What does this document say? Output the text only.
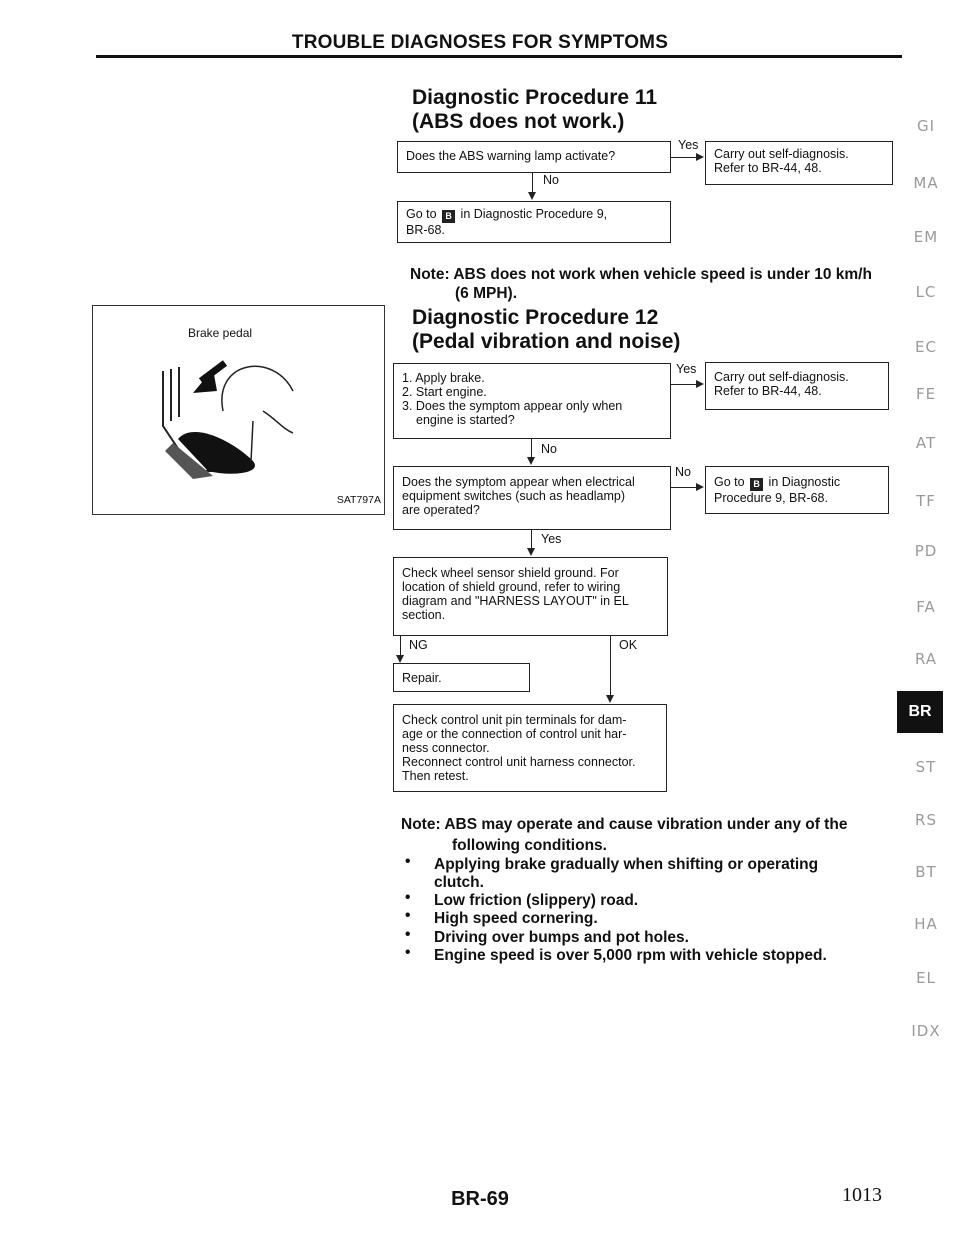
TROUBLE DIAGNOSES FOR SYMPTOMS
Brake pedal
SAT797A
Diagnostic Procedure 11
(ABS does not work.)
Does the ABS warning lamp activate?
Yes
Carry out self-diagnosis.
Refer to BR-44, 48.
No
Go to B in Diagnostic Procedure 9,
BR-68.
Note: ABS does not work when vehicle speed is under 10 km/h
(6 MPH).
Diagnostic Procedure 12
(Pedal vibration and noise)
1. Apply brake.
2. Start engine.
3. Does the symptom appear only when
engine is started?
Yes
Carry out self-diagnosis.
Refer to BR-44, 48.
No
Does the symptom appear when electrical
equipment switches (such as headlamp)
are operated?
No
Go to B in Diagnostic
Procedure 9, BR-68.
Yes
Check wheel sensor shield ground. For
location of shield ground, refer to wiring
diagram and "HARNESS LAYOUT" in EL
section.
NG	OK
Repair.
Check control unit pin terminals for dam-
age or the connection of control unit har-
ness connector.
Reconnect control unit harness connector.
Then retest.
Note: ABS may operate and cause vibration under any of the
following conditions.
• Applying brake gradually when shifting or operating
clutch.
• Low friction (slippery) road.
• High speed cornering.
• Driving over bumps and pot holes.
• Engine speed is over 5,000 rpm with vehicle stopped.
GI
MA
EM
LC
EC
FE
AT
TF
PD
FA
RA
BR
ST
RS
BT
HA
EL
IDX
BR-69	1013
